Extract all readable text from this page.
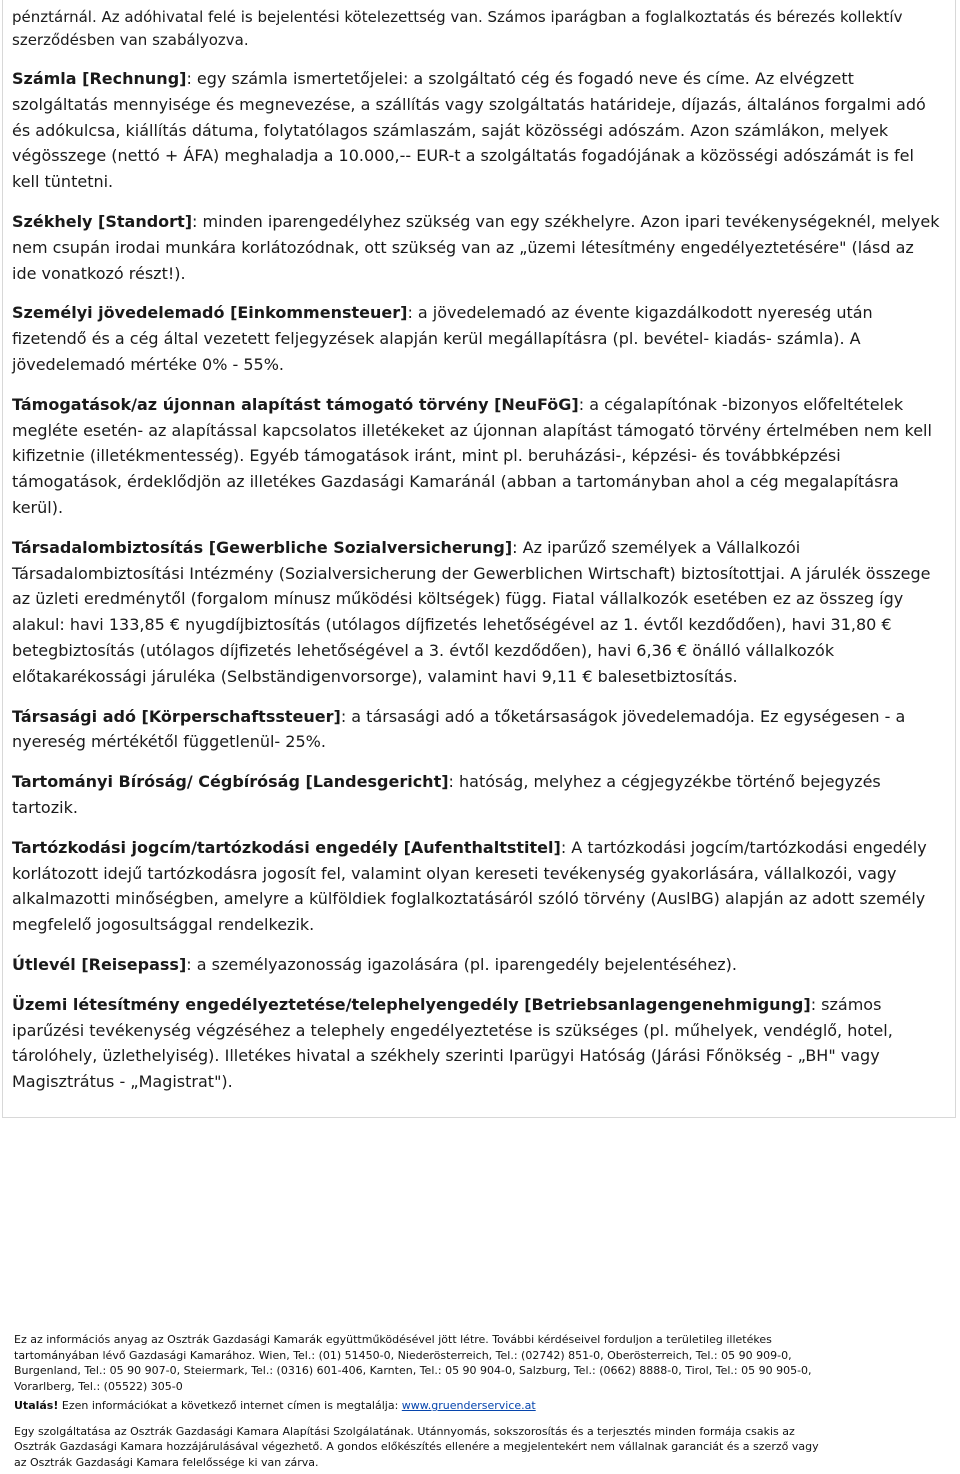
pénztárnál. Az adóhivatal felé is bejelentési kötelezettség van. Számos iparágban a foglalkoztatás és bérezés kollektív szerződésben van szabályozva.

Számla [Rechnung]: egy számla ismertetőjelei: a szolgáltató cég és fogadó neve és címe. Az elvégzett szolgáltatás mennyisége és megnevezése, a szállítás vagy szolgáltatás határideje, díjazás, általános forgalmi adó és adókulcsa, kiállítás dátuma, folytatólagos számlaszám, saját közösségi adószám. Azon számlákon, melyek végösszege (nettó + ÁFA) meghaladja a 10.000,-- EUR-t a szolgáltatás fogadójának a közösségi adószámát is fel kell tüntetni.

Székhely [Standort]: minden iparengedélyhez szükség van egy székhelyre. Azon ipari tevékenységeknél, melyek nem csupán irodai munkára korlátozódnak, ott szükség van az „üzemi létesítmény engedélyeztetésére" (lásd az ide vonatkozó részt!).

Személyi jövedelemadó [Einkommensteuer]: a jövedelemadó az évente kigazdálkodott nyereség után fizetendő és a cég által vezetett feljegyzések alapján kerül megállapításra (pl. bevétel- kiadás- számla). A jövedelemadó mértéke 0% - 55%.

Támogatások/az újonnan alapítást támogató törvény [NeuFöG]: a cégalapítónak -bizonyos előfeltételek megléte esetén- az alapítással kapcsolatos illetékeket az újonnan alapítást támogató törvény értelmében nem kell kifizetnie (illetékmentesség). Egyéb támogatások iránt, mint pl. beruházási-, képzési- és továbbképzési támogatások, érdeklődjön az illetékes Gazdasági Kamaránál (abban a tartományban ahol a cég megalapításra kerül).

Társadalombiztosítás [Gewerbliche Sozialversicherung]: Az iparűző személyek a Vállalkozói Társadalombiztosítási Intézmény (Sozialversicherung der Gewerblichen Wirtschaft) biztosítottjai. A járulék összege az üzleti eredménytől (forgalom mínusz működési költségek) függ. Fiatal vállalkozók esetében ez az összeg így alakul: havi 133,85 € nyugdíjbiztosítás (utólagos díjfizetés lehetőségével az 1. évtől kezdődően), havi 31,80 € betegbiztosítás (utólagos díjfizetés lehetőségével a 3. évtől kezdődően), havi 6,36 € önálló vállalkozók előtakarékossági járuléka (Selbständigenvorsorge), valamint havi 9,11 € balesetbiztosítás.

Társasági adó [Körperschaftssteuer]: a társasági adó a tőketársaságok jövedelemadója. Ez egységesen - a nyereség mértékétől függetlenül- 25%.

Tartományi Bíróság/ Cégbíróság [Landesgericht]: hatóság, melyhez a cégjegyzékbe történő bejegyzés tartozik.

Tartózkodási jogcím/tartózkodási engedély [Aufenthaltstitel]: A tartózkodási jogcím/tartózkodási engedély korlátozott idejű tartózkodásra jogosít fel, valamint olyan kereseti tevékenység gyakorlására, vállalkozói, vagy alkalmazotti minőségben, amelyre a külföldiek foglalkoztatásáról szóló törvény (AuslBG) alapján az adott személy megfelelő jogosultsággal rendelkezik.

Útlevél [Reisepass]: a személyazonosság igazolására (pl. iparengedély bejelentéséhez).

Üzemi létesítmény engedélyeztetése/telephelyengedély [Betriebsanlagengenehmigung]: számos iparűzési tevékenység végzéséhez a telephely engedélyeztetése is szükséges (pl. műhelyek, vendéglő, hotel, tárolóhely, üzlethelyiség). Illetékes hivatal a székhely szerinti Iparügyi Hatóság (Járási Főnökség - „BH" vagy Magisztrátus - „Magistrat").

Ez az információs anyag az Osztrák Gazdasági Kamarák együttműködésével jött létre. További kérdéseivel forduljon a területileg illetékes tartományában lévő Gazdasági Kamarához. Wien, Tel.: (01) 51450-0, Niederösterreich, Tel.: (02742) 851-0, Oberösterreich, Tel.: 05 90 909-0, Burgenland, Tel.: 05 90 907-0, Steiermark, Tel.: (0316) 601-406, Karnten, Tel.: 05 90 904-0, Salzburg, Tel.: (0662) 8888-0, Tirol, Tel.: 05 90 905-0, Vorarlberg, Tel.: (05522) 305-0

Utalás! Ezen információkat a következő internet címen is megtalálja: www.gruenderservice.at

Egy szolgáltatása az Osztrák Gazdasági Kamara Alapítási Szolgálatának. Utánnyomás, sokszorosítás és a terjesztés minden formája csakis az Osztrák Gazdasági Kamara hozzájárulásával végezhető. A gondos előkészítés ellenére a megjelentekért nem vállalnak garanciát és a szerző vagy az Osztrák Gazdasági Kamara felelőssége ki van zárva.
